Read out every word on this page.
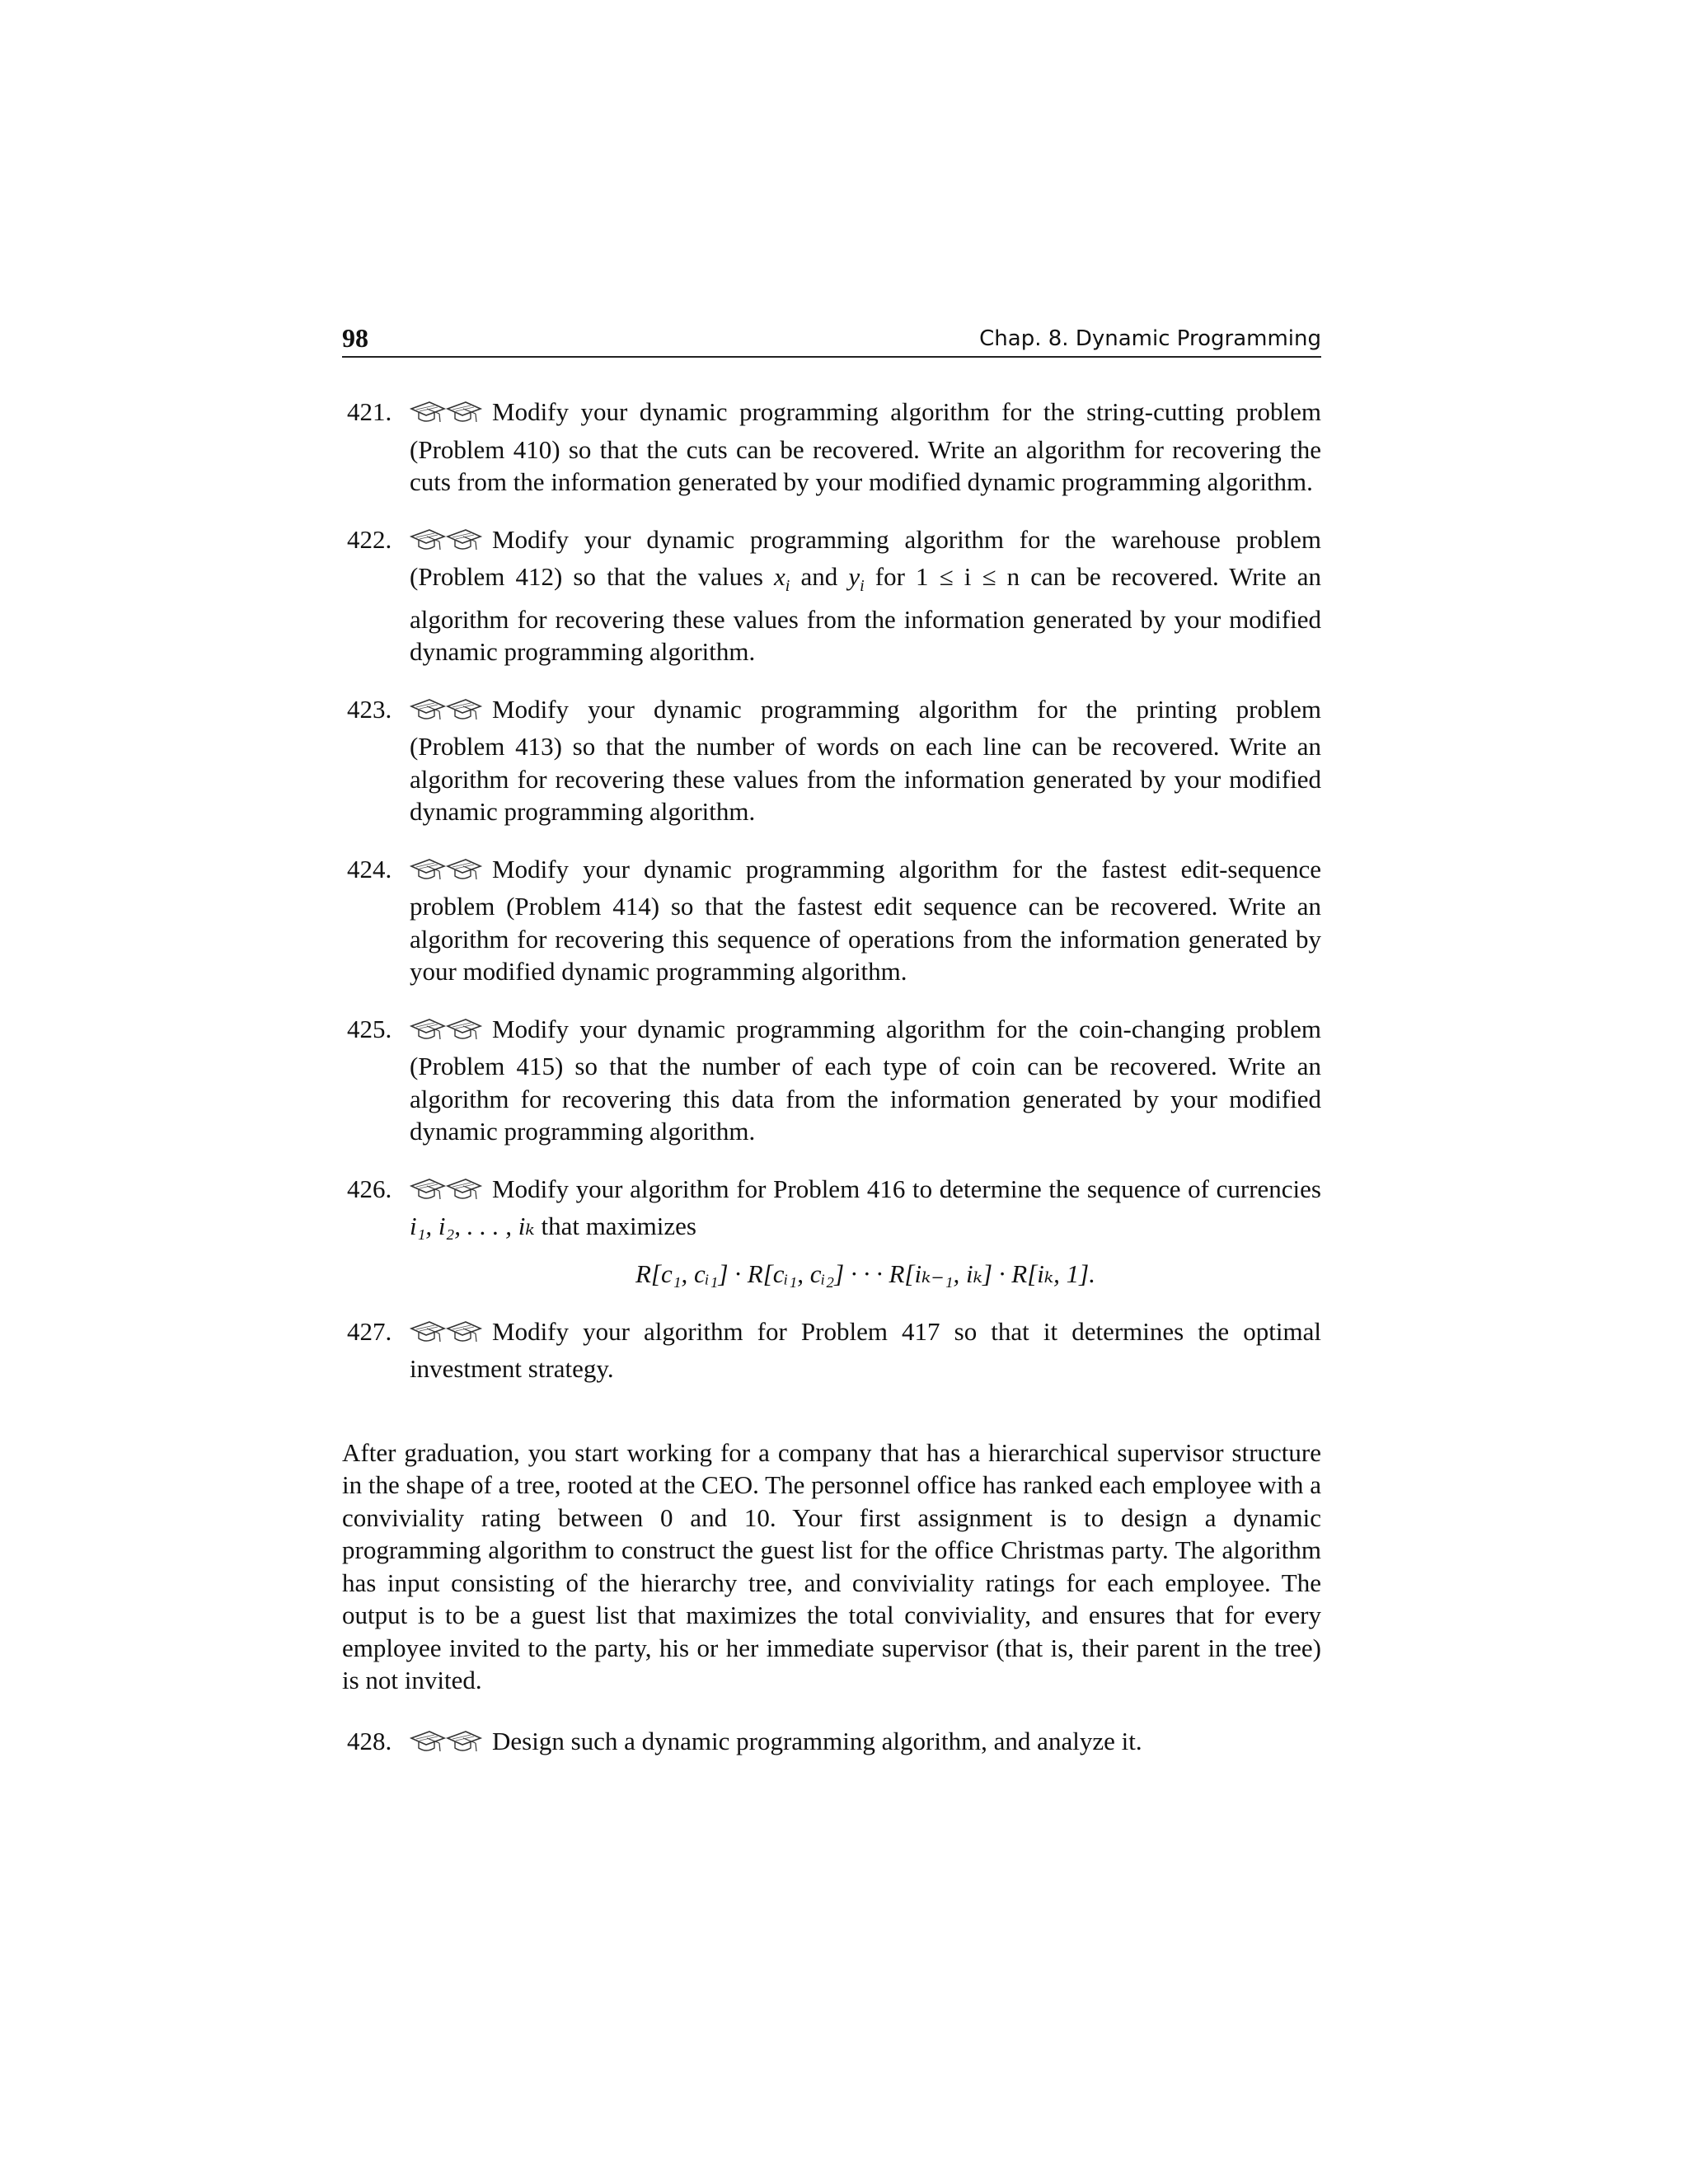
98	Chap. 8. Dynamic Programming
421.	Modify your dynamic programming algorithm for the string-cutting problem (Problem 410) so that the cuts can be recovered. Write an algorithm for recovering the cuts from the information generated by your modified dynamic programming algorithm.
422.	Modify your dynamic programming algorithm for the warehouse problem (Problem 412) so that the values $x_i$ and $y_i$ for 1 ≤ i ≤ n can be recovered. Write an algorithm for recovering these values from the information generated by your modified dynamic programming algorithm.
423.	Modify your dynamic programming algorithm for the printing problem (Problem 413) so that the number of words on each line can be recovered. Write an algorithm for recovering these values from the information generated by your modified dynamic programming algorithm.
424.	Modify your dynamic programming algorithm for the fastest edit-sequence problem (Problem 414) so that the fastest edit sequence can be recovered. Write an algorithm for recovering this sequence of operations from the information generated by your modified dynamic programming algorithm.
425.	Modify your dynamic programming algorithm for the coin-changing problem (Problem 415) so that the number of each type of coin can be recovered. Write an algorithm for recovering this data from the information generated by your modified dynamic programming algorithm.
426.	Modify your algorithm for Problem 416 to determine the sequence of currencies i₁, i₂, . . . , iₖ that maximizes
R[c₁, cᵢ₁] · R[cᵢ₁, cᵢ₂] · · · R[iₖ₋₁, iₖ] · R[iₖ, 1].
427.	Modify your algorithm for Problem 417 so that it determines the optimal investment strategy.

After graduation, you start working for a company that has a hierarchical supervisor structure in the shape of a tree, rooted at the CEO. The personnel office has ranked each employee with a conviviality rating between 0 and 10. Your first assignment is to design a dynamic programming algorithm to construct the guest list for the office Christmas party. The algorithm has input consisting of the hierarchy tree, and conviviality ratings for each employee. The output is to be a guest list that maximizes the total conviviality, and ensures that for every employee invited to the party, his or her immediate supervisor (that is, their parent in the tree) is not invited.

428.	Design such a dynamic programming algorithm, and analyze it.
